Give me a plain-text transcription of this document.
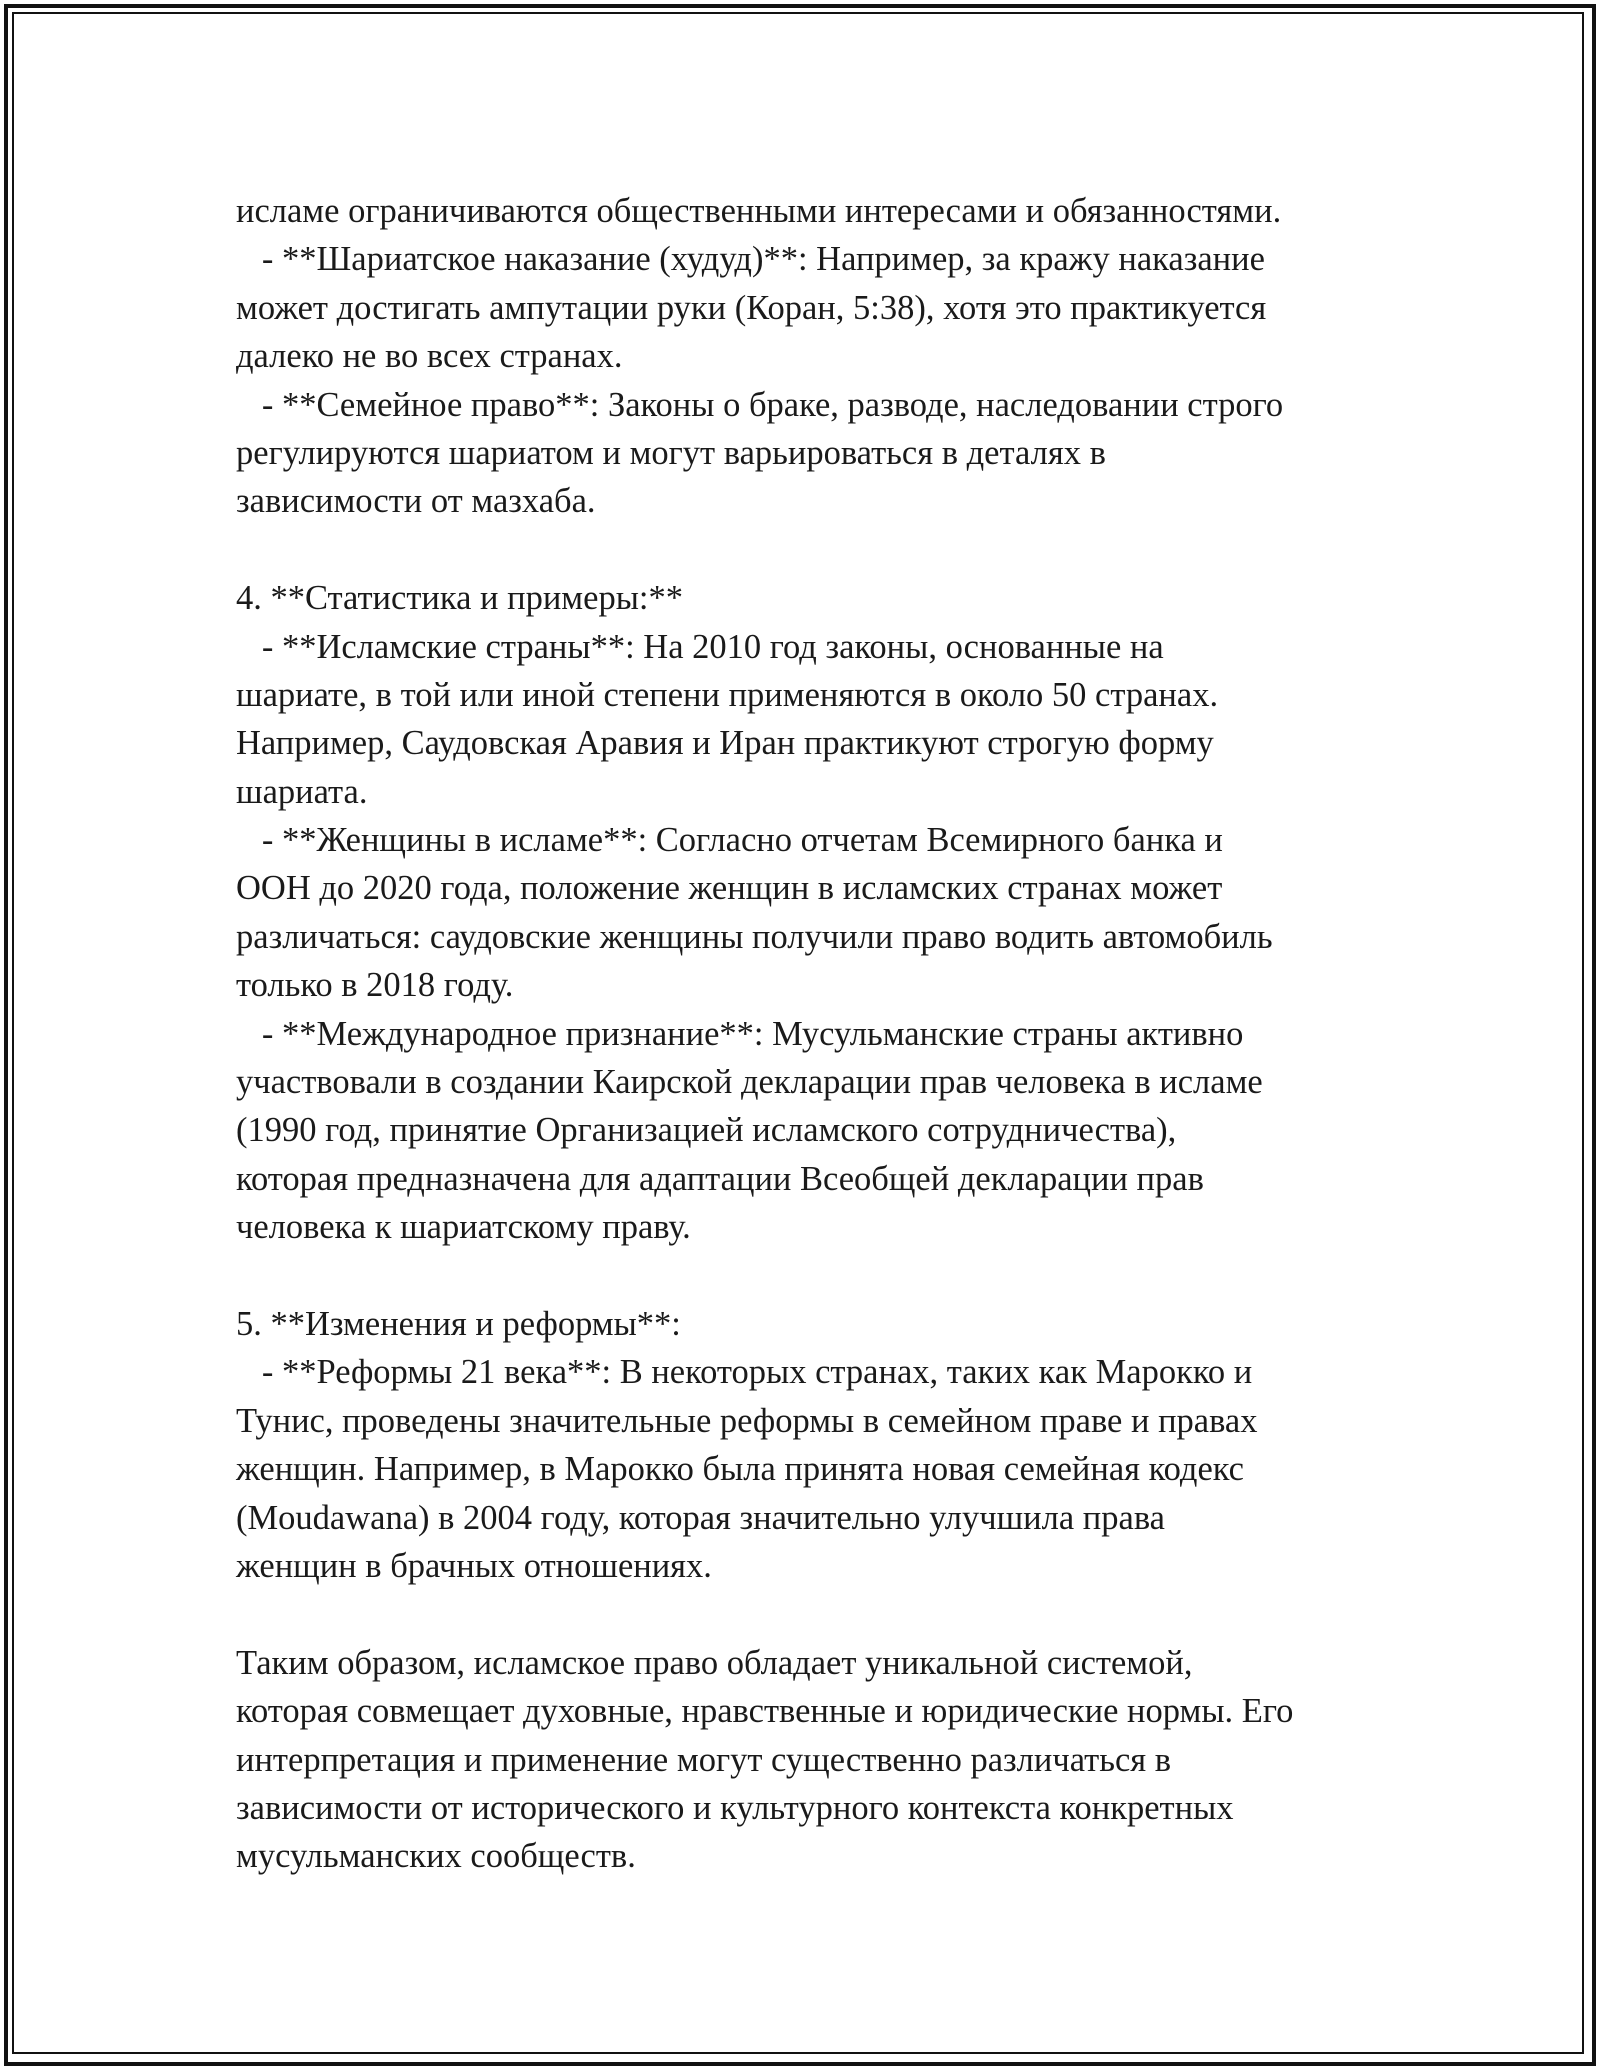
исламе ограничиваются общественными интересами и обязанностями.
- **Шариатское наказание (худуд)**: Например, за кражу наказание
может достигать ампутации руки (Коран, 5:38), хотя это практикуется
далеко не во всех странах.
- **Семейное право**: Законы о браке, разводе, наследовании строго
регулируются шариатом и могут варьироваться в деталях в
зависимости от мазхаба.
4. **Статистика и примеры:**
- **Исламские страны**: На 2010 год законы, основанные на
шариате, в той или иной степени применяются в около 50 странах.
Например, Саудовская Аравия и Иран практикуют строгую форму
шариата.
- **Женщины в исламе**: Согласно отчетам Всемирного банка и
ООН до 2020 года, положение женщин в исламских странах может
различаться: саудовские женщины получили право водить автомобиль
только в 2018 году.
- **Международное признание**: Мусульманские страны активно
участвовали в создании Каирской декларации прав человека в исламе
(1990 год, принятие Организацией исламского сотрудничества),
которая предназначена для адаптации Всеобщей декларации прав
человека к шариатскому праву.
5. **Изменения и реформы**:
- **Реформы 21 века**: В некоторых странах, таких как Марокко и
Тунис, проведены значительные реформы в семейном праве и правах
женщин. Например, в Марокко была принята новая семейная кодекс
(Moudawana) в 2004 году, которая значительно улучшила права
женщин в брачных отношениях.
Таким образом, исламское право обладает уникальной системой,
которая совмещает духовные, нравственные и юридические нормы. Его
интерпретация и применение могут существенно различаться в
зависимости от исторического и культурного контекста конкретных
мусульманских сообществ.
